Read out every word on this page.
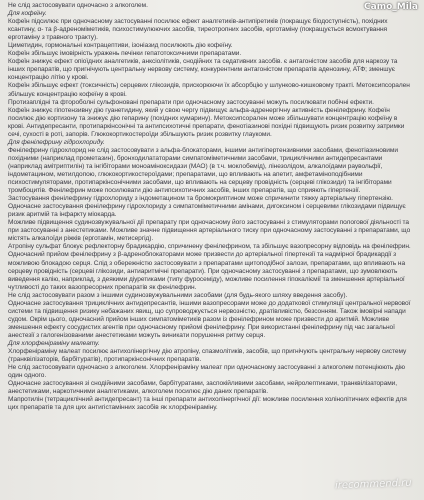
Не слід застосовувати одночасно з алкоголем.

Для кофеїну.

Кофеїн підсилює при одночасному застосуванні посилює ефект аналгетиків-антипіретиків (покращує біодоступність), похідних ксантину, α- та β-адреноміметиків, психостимулюючих засобів, тиреотропних засобів, ерготаміну (покращується всмоктування ерготаміну з травного тракту).

Циметидин, гормональні контрацептиви, ізоніазид посилюють дію кофеїну.

Кофеїн збільшує імовірність уражень печінки гепатотоксичними препаратами.

Кофеїн знижує ефект опіоїдних аналгетиків, анксіолітиків, снодійних та седативних засобів. є антагоністом засобів для наркозу та інших препаратів, що пригнічують центральну нервову систему, конкурентним антагоністом препаратів аденозину, АТФ; зменшує концентрацію літію у крові.

Кофеїн збільшує ефект (токсичність) серцевих глікозидів, прискорюючи їх абсорбцію у шлунково-кишковому тракті. Метоксипсорален збільшує концентрацію кофеїну в крові.

Протизаплідні та фтороболні сульфоновані препарати при одночасному застосуванні можуть посилювати побічні ефекти.

Кофеїн знижує гіпотензивну дію гуанетидину, який у свою чергу підвищує альфа-адренергічну активність фенілефрину. Кофеїн посилює дію кортизону та знижує дію гепарину (похідних кумарину). Метоксипсорален може збільшувати концентрацію кофеїну в крові. Антидепресанти, протипаркінсонічні та антипсихотичні препарати, фенотіазинові похідні підвищують ризик розвитку затримки сечі, сухості в роті, запорів. Глюкокортикостероїди збільшують ризик розвитку глаукоми.

Для фенілефрину гідрохлориду.

Фенілефрину гідрохлорид не слід застосовувати з альфа-блокаторами, іншими антигіпертензивними засобами, фенотіазиновими похідними (наприклад прометазин), бронходилататорами симпатоміметичними засобами, трициклічними антидепресантами (наприклад амітриптилін) та інгібіторами моноаміноксидази (МАО) (в т.ч. моклобемід), лінезолідом, алкалоїдами раувольфії, індометацином, метилдопою, глюкокортикостероїдами; препаратами, що впливають на апетит, амфетаміноподібними психостимуляторами, протипаркінсонічними засобами, що впливають на серцеву провідність (серцеві глікозиди) та інгібіторами тромбоцитів. Фенілефрин може посилювати дію антипсихотичних засобів, інших препаратів, що сприяють гіпертензії.

Застосування фенілефрину гідрохлориду з індометацином та бромокриптином може спричинити тяжку артеріальну гіпертензію. Одночасне застосування фенілефрину гідрохлориду з симпатоміметичними амінами, дигоксином і серцевими глікозидами підвищує ризик аритмій та інфаркту міокарда.

Можливе підвищення судинозвужувальної дії препарату при одночасному його застосуванні з стимуляторами пологової діяльності та при застосуванні з анестетиками. Можливе значне підвищення артеріального тиску при одночасному застосуванні з препаратами, що містять алкалоїди ріжків (ерготамін, метисергід).

Атропіну сульфат блокує рефлекторну брадикардію, спричинену фенілефрином, та збільшує вазопресорну відповідь на фенілефрин. Одночасний прийом фенілефрину з β-адреноблокаторами може призвести до артеріальної гіпертензії та надмірної брадикардії з можливою блокадою серця. Слід з обережністю застосовувати з препаратами щитоподібної залози, препаратами, що впливають на серцеву провідність (серцеві глікозиди, антиаритмічні препарати). При одночасному застосуванні з препаратами, що зумовлюють виведення калію, наприклад, з деякими діуретиками (типу фуросеміду), можливе посилення гіпокаліємії та зменшення артеріальної чутливості до таких вазопресорних препаратів як фенілефрин.

Не слід застосовувати разом з іншими судинозвужувальними засобами (для будь-якого шляху введення засобу).

Одночасне застосування трициклічних антидепресантів, іншими вазопресорами може до додаткової стимуляції центральної нервової системи та підвищення ризику небажаних явищ, що супроводжується нервозністю, дратівливістю, безсонням. Також імовірні напади судом. Окрім цього, одночасний прийом інших симпатоміметиків разом із фенілефрином може призвести до аритмій. Можливе зменшення ефекту сосудистих агентів при одночасному прийомі фенілефрину. При використанні фенілефрину під час загальної анестезії з галогенізованими анестетиками можуть виникати порушення ритму серця.

Для хлорфеніраміну малеату.

Хлорфеніраміну малеат посилює антихолінергічну дію атропіну, спазмолітиків, засобів, що пригнічують центральну нервову систему (транквілізаторів, барбітуратів), протипаркінсонічних препаратів.

Не слід застосовувати одночасно з алкоголем. Хлорфеніраміну малеат при одночасному застосуванні з алкоголем потенціюють дію один одного.

Одночасне застосування зі снодійними засобами, барбітуратами, заспокійливими засобами, нейролептиками, транквілізаторами, анестетиками, наркотичними аналгетиками, алкоголем посилює дію даних препаратів.

Мапротилін (тетрациклічний антидепресант) та інші препарати антихолінергічної дії: можливе посилення холінолітичних ефектів для цих препаратів та для цих антигістамінних засобів як хлорфеніраміну.

Camo_Mila
irecommend.ru
